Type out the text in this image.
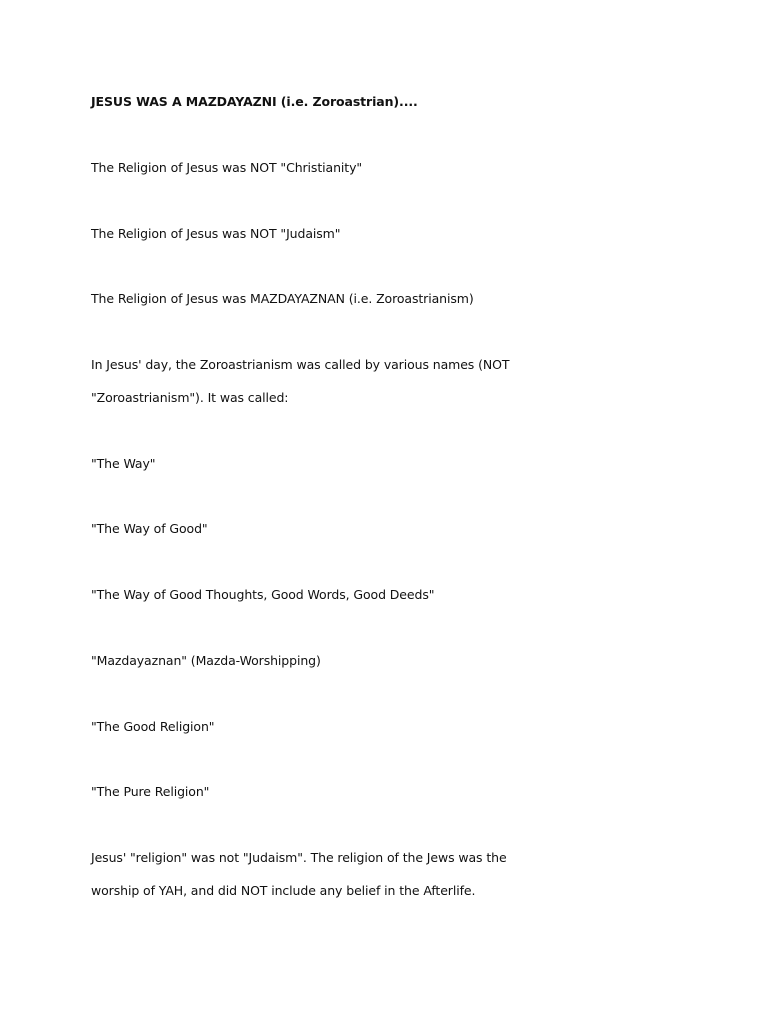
JESUS WAS A MAZDAYAZNI (i.e. Zoroastrian)....
The Religion of Jesus was NOT "Christianity"
The Religion of Jesus was NOT "Judaism"
The Religion of Jesus was MAZDAYAZNAN (i.e. Zoroastrianism)
In Jesus' day, the Zoroastrianism was called by various names (NOT
"Zoroastrianism"). It was called:
"The Way"
"The Way of Good"
"The Way of Good Thoughts, Good Words, Good Deeds"
"Mazdayaznan" (Mazda-Worshipping)
"The Good Religion"
"The Pure Religion"
Jesus' "religion" was not "Judaism". The religion of the Jews was the
worship of YAH, and did NOT include any belief in the Afterlife.
